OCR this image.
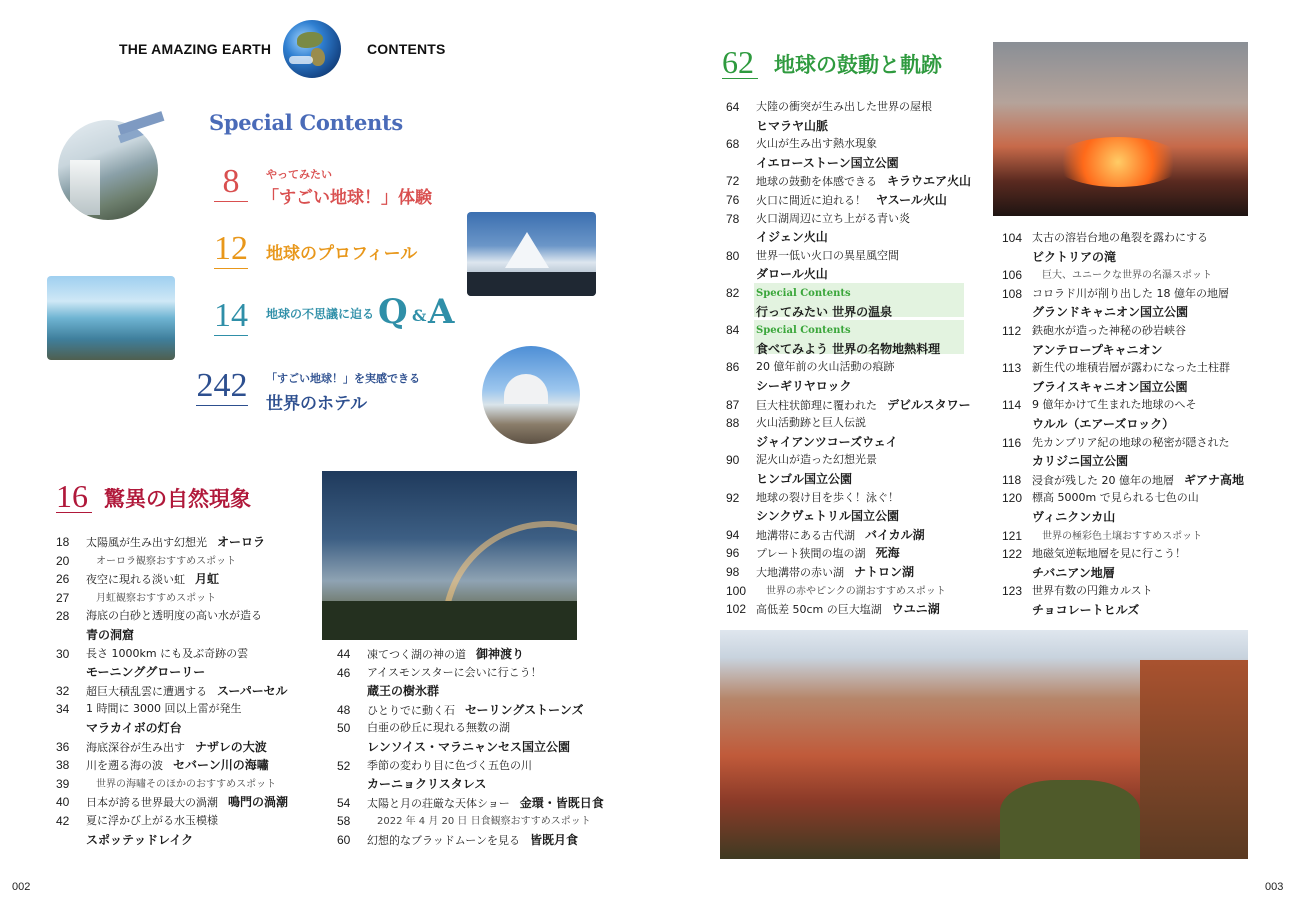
THE AMAZING EARTH	CONTENTS
Special Contents
8	やってみたい
「すごい地球！」体験
12 地球のプロフィール
14 地球の不思議に迫る Q & A
242 「すごい地球！」を実感できる
世界のホテル
16 驚異の自然現象
18	太陽風が生み出す幻想光 オーロラ
20	オーロラ観察おすすめスポット
26	夜空に現れる淡い虹 月虹
27	月虹観察おすすめスポット
28	海底の白砂と透明度の高い水が造る
青の洞窟
30	長さ 1000km にも及ぶ奇跡の雲
モーニンググローリー
32	超巨大積乱雲に遭遇する スーパーセル
34	1 時間に 3000 回以上雷が発生
マラカイボの灯台
36	海底深谷が生み出す ナザレの大波
38	川を遡る海の波 セバーン川の海嘯
39	世界の海嘯そのほかのおすすめスポット
40	日本が誇る世界最大の渦潮 鳴門の渦潮
42	夏に浮かび上がる水玉模様
スポッテッドレイク
44	凍てつく湖の神の道 御神渡り
46	アイスモンスターに会いに行こう！
蔵王の樹氷群
48	ひとりでに動く石 セーリングストーンズ
50	白亜の砂丘に現れる無数の湖
レンソイス・マラニャンセス国立公園
52	季節の変わり目に色づく五色の川
カーニョクリスタレス
54	太陽と月の荘厳な天体ショー 金環・皆既日食
58	2022 年 4 月 20 日 日食観察おすすめスポット
60	幻想的なブラッドムーンを見る 皆既月食
002
62 地球の鼓動と軌跡
64	大陸の衝突が生み出した世界の屋根
ヒマラヤ山脈
68	火山が生み出す熱水現象
イエローストーン国立公園
72	地球の鼓動を体感できる キラウエア火山
76	火口に間近に迫れる！ ヤスール火山
78	火口湖周辺に立ち上がる青い炎
イジェン火山
80	世界一低い火口の異星風空間
ダロール火山
82	Special Contents
行ってみたい 世界の温泉
84	Special Contents
食べてみよう 世界の名物地熱料理
86	20 億年前の火山活動の痕跡
シーギリヤロック
87	巨大柱状節理に覆われた デビルスタワー
88	火山活動跡と巨人伝説
ジャイアンツコーズウェイ
90	泥火山が造った幻想光景
ヒンゴル国立公園
92	地球の裂け目を歩く！泳ぐ！
シンクヴェトリル国立公園
94	地溝帯にある古代湖 バイカル湖
96	プレート狭間の塩の湖 死海
98	大地溝帯の赤い湖 ナトロン湖
100	世界の赤やピンクの湖おすすめスポット
102 高低差 50cm の巨大塩湖 ウユニ湖
104 太古の溶岩台地の亀裂を露わにする
ビクトリアの滝
106	巨大、ユニークな世界の名瀑スポット
108 コロラド川が削り出した 18 億年の地層
グランドキャニオン国立公園
112 鉄砲水が造った神秘の砂岩峡谷
アンテロープキャニオン
113 新生代の堆積岩層が露わになった土柱群
ブライスキャニオン国立公園
114 9 億年かけて生まれた地球のへそ
ウルル（エアーズロック）
116 先カンブリア紀の地球の秘密が隠された
カリジニ国立公園
118 浸食が残した 20 億年の地層 ギアナ高地
120 標高 5000m で見られる七色の山
ヴィニクンカ山
121	世界の極彩色土壌おすすめスポット
122 地磁気逆転地層を見に行こう！
チバニアン地層
123 世界有数の円錐カルスト
チョコレートヒルズ
003
